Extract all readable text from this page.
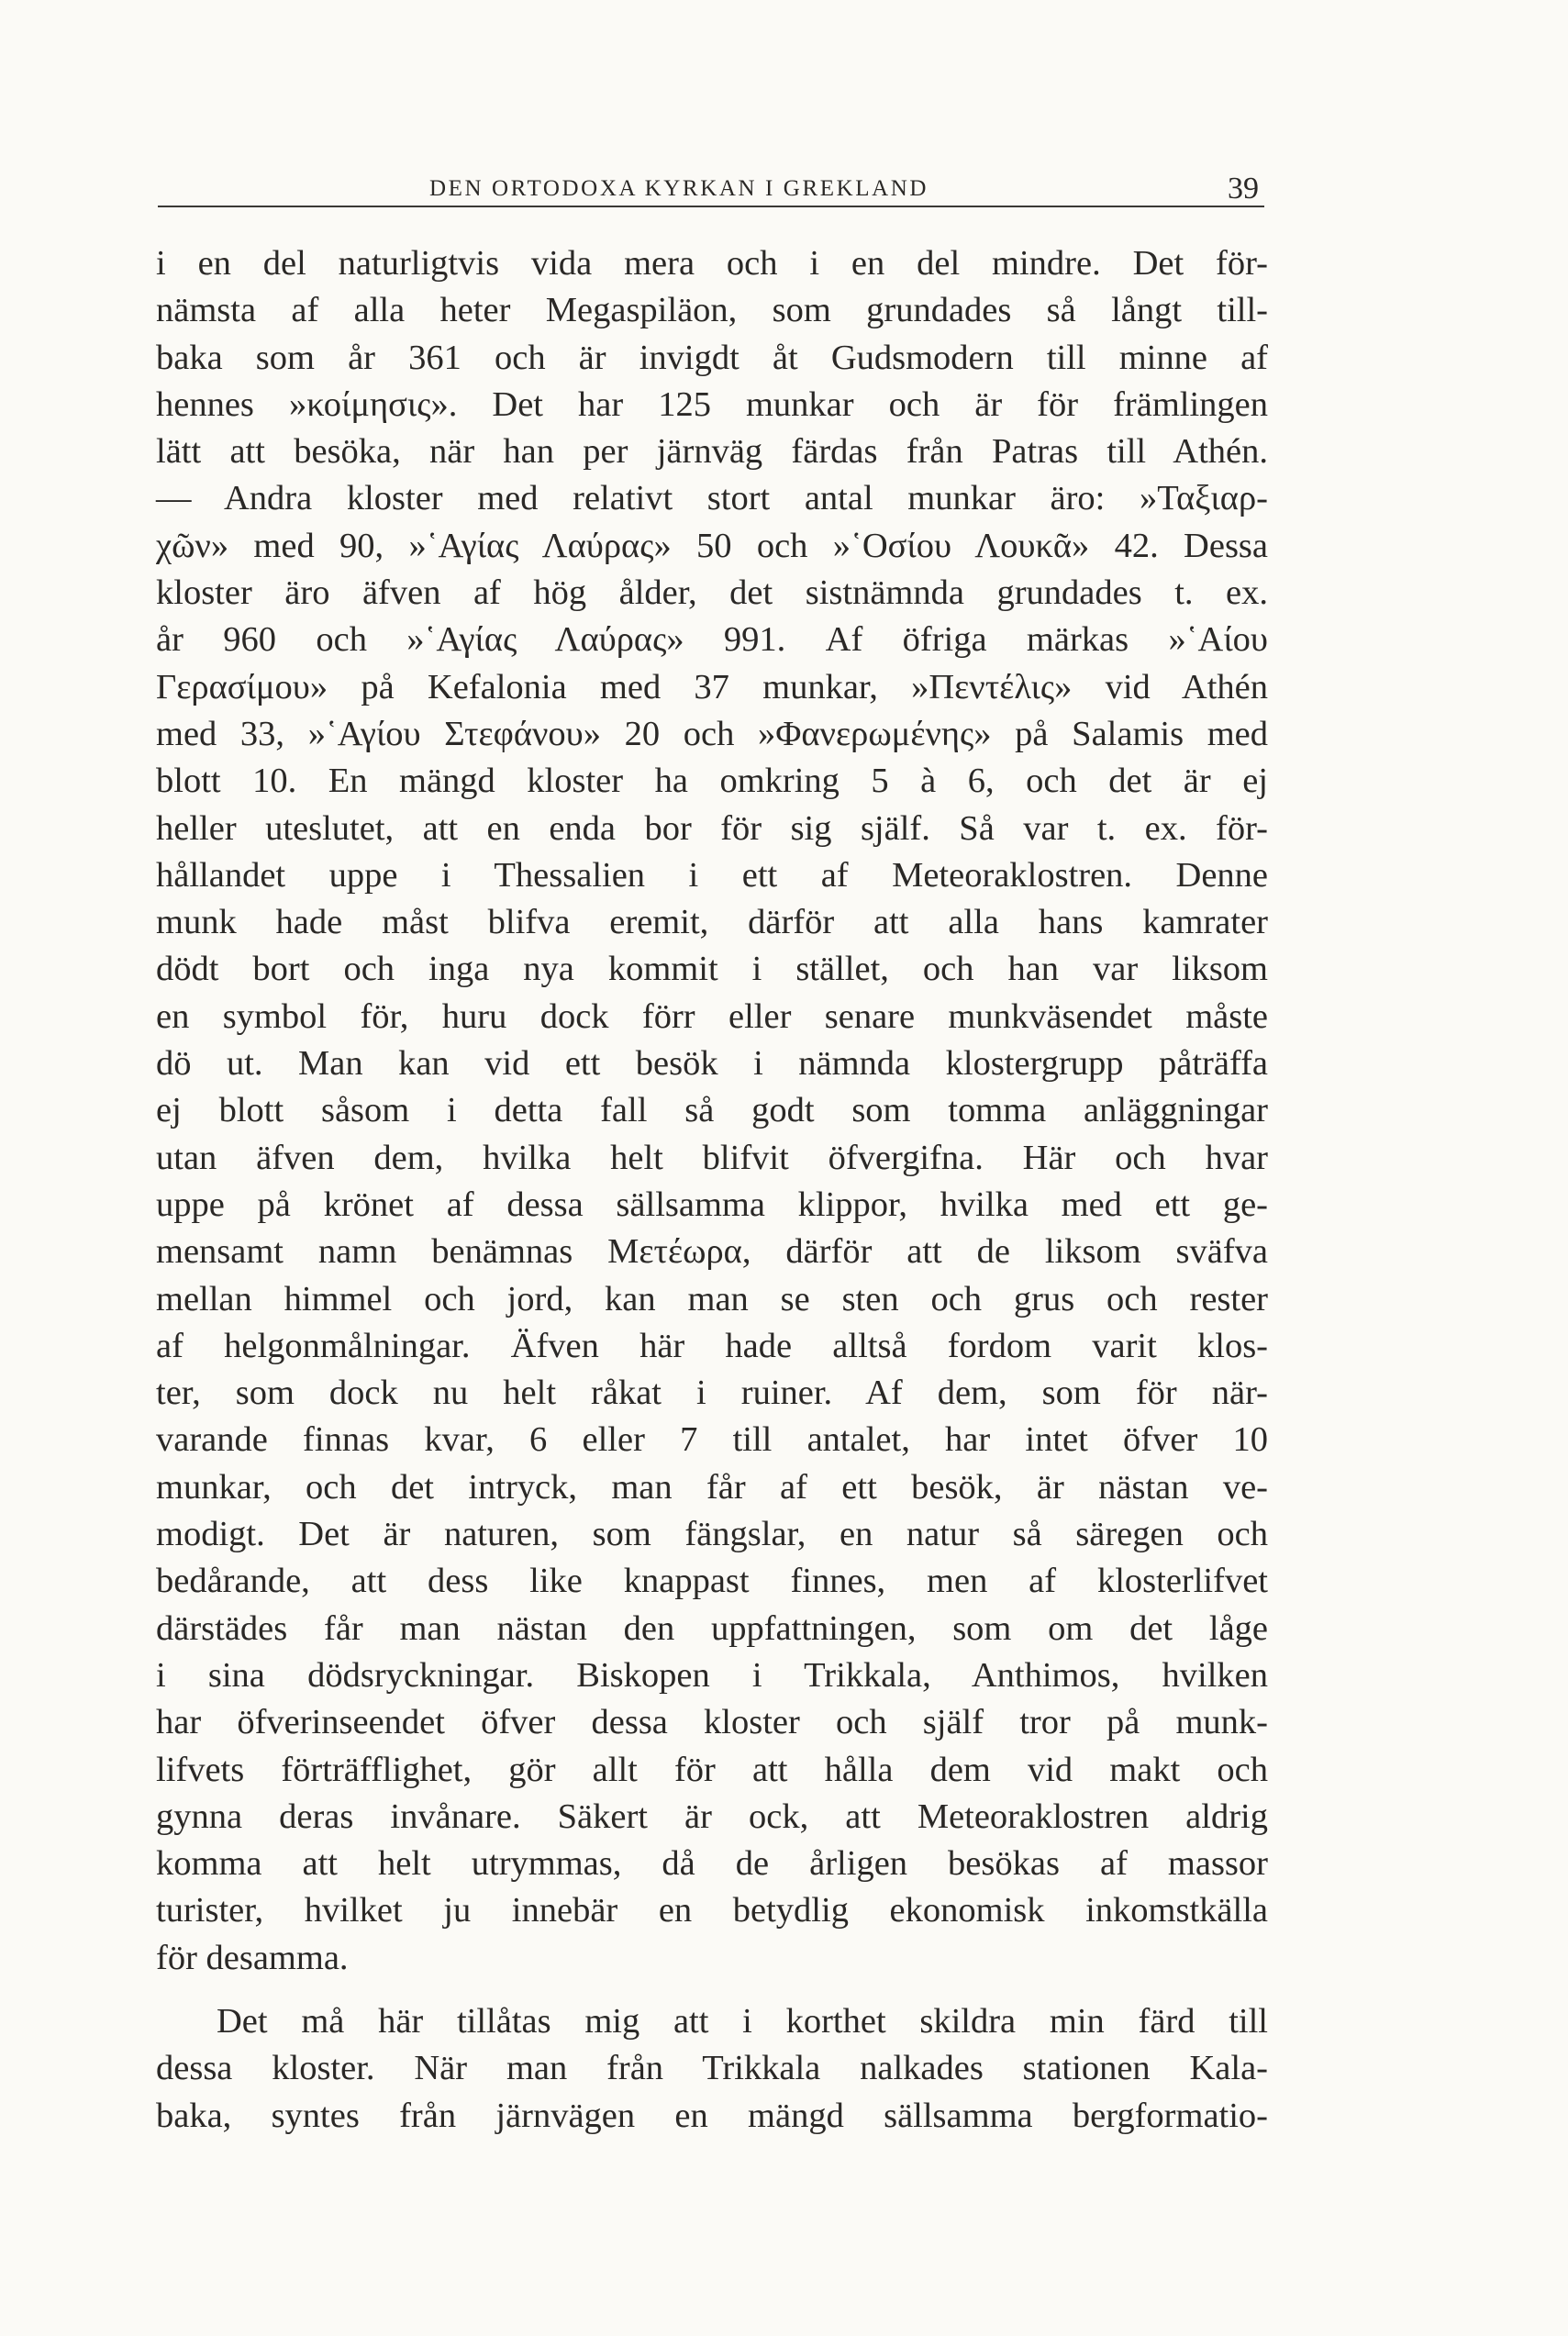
DEN ORTODOXA KYRKAN I GREKLAND	39
i en del naturligtvis vida mera och i en del mindre. Det för-
nämsta af alla heter Megaspiläon, som grundades så långt till-
baka som år 361 och är invigdt åt Gudsmodern till minne af
hennes »κοίμησις». Det har 125 munkar och är för främlingen
lätt att besöka, när han per järnväg färdas från Patras till Athén.
— Andra kloster med relativt stort antal munkar äro: »Ταξιαρ-
χῶν» med 90, »῾Αγίας Λαύρας» 50 och »῾Οσίου Λουκᾶ» 42. Dessa
kloster äro äfven af hög ålder, det sistnämnda grundades t. ex.
år 960 och »῾Αγίας Λαύρας» 991. Af öfriga märkas »῾Αίου
Γερασίμου» på Kefalonia med 37 munkar, »Πεντέλις» vid Athén
med 33, »῾Αγίου Στεφάνου» 20 och »Φανερωμένης» på Salamis med
blott 10. En mängd kloster ha omkring 5 à 6, och det är ej
heller uteslutet, att en enda bor för sig själf. Så var t. ex. för-
hållandet uppe i Thessalien i ett af Meteoraklostren. Denne
munk hade måst blifva eremit, därför att alla hans kamrater
dödt bort och inga nya kommit i stället, och han var liksom
en symbol för, huru dock förr eller senare munkväsendet måste
dö ut. Man kan vid ett besök i nämnda klostergrupp påträffa
ej blott såsom i detta fall så godt som tomma anläggningar
utan äfven dem, hvilka helt blifvit öfvergifna. Här och hvar
uppe på krönet af dessa sällsamma klippor, hvilka med ett ge-
mensamt namn benämnas Μετέωρα, därför att de liksom sväfva
mellan himmel och jord, kan man se sten och grus och rester
af helgonmålningar. Äfven här hade alltså fordom varit klos-
ter, som dock nu helt råkat i ruiner. Af dem, som för när-
varande finnas kvar, 6 eller 7 till antalet, har intet öfver 10
munkar, och det intryck, man får af ett besök, är nästan ve-
modigt. Det är naturen, som fängslar, en natur så säregen och
bedårande, att dess like knappast finnes, men af klosterlifvet
därstädes får man nästan den uppfattningen, som om det låge
i sina dödsryckningar. Biskopen i Trikkala, Anthimos, hvilken
har öfverinseendet öfver dessa kloster och själf tror på munk-
lifvets förträfflighet, gör allt för att hålla dem vid makt och
gynna deras invånare. Säkert är ock, att Meteoraklostren aldrig
komma att helt utrymmas, då de årligen besökas af massor
turister, hvilket ju innebär en betydlig ekonomisk inkomstkälla
för desamma.
Det må här tillåtas mig att i korthet skildra min färd till
dessa kloster. När man från Trikkala nalkades stationen Kala-
baka, syntes från järnvägen en mängd sällsamma bergformatio-
